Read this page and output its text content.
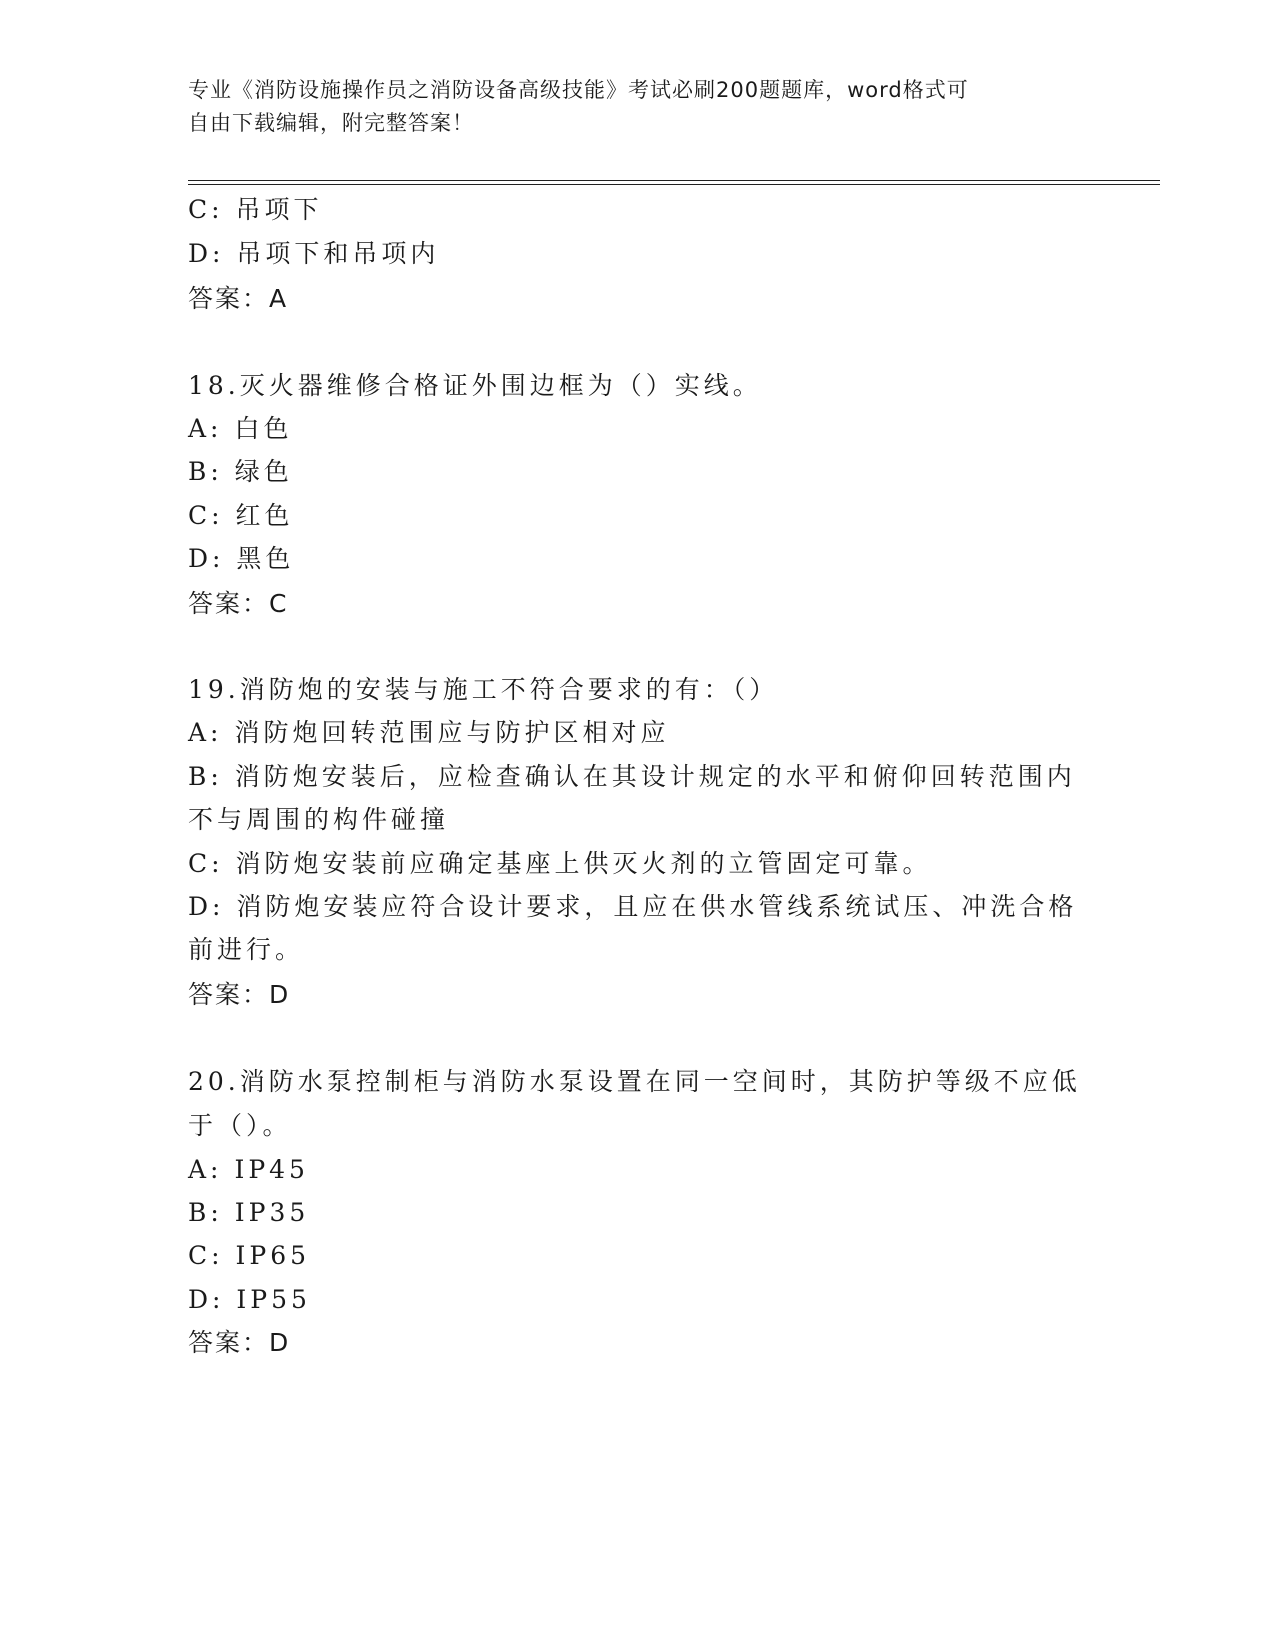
专业《消防设施操作员之消防设备高级技能》考试必刷200题题库，word格式可
自由下载编辑，附完整答案！

C: 吊项下
D: 吊项下和吊项内
答案：A
18.灭火器维修合格证外围边框为（）实线。
A: 白色
B: 绿色
C: 红色
D: 黑色
答案：C
19.消防炮的安装与施工不符合要求的有：（）
A: 消防炮回转范围应与防护区相对应
B: 消防炮安装后，应检查确认在其设计规定的水平和俯仰回转范围内
不与周围的构件碰撞
C: 消防炮安装前应确定基座上供灭火剂的立管固定可靠。
D: 消防炮安装应符合设计要求，且应在供水管线系统试压、冲洗合格
前进行。
答案：D
20.消防水泵控制柜与消防水泵设置在同一空间时，其防护等级不应低
于（）。
A: IP45
B: IP35
C: IP65
D: IP55
答案：D
